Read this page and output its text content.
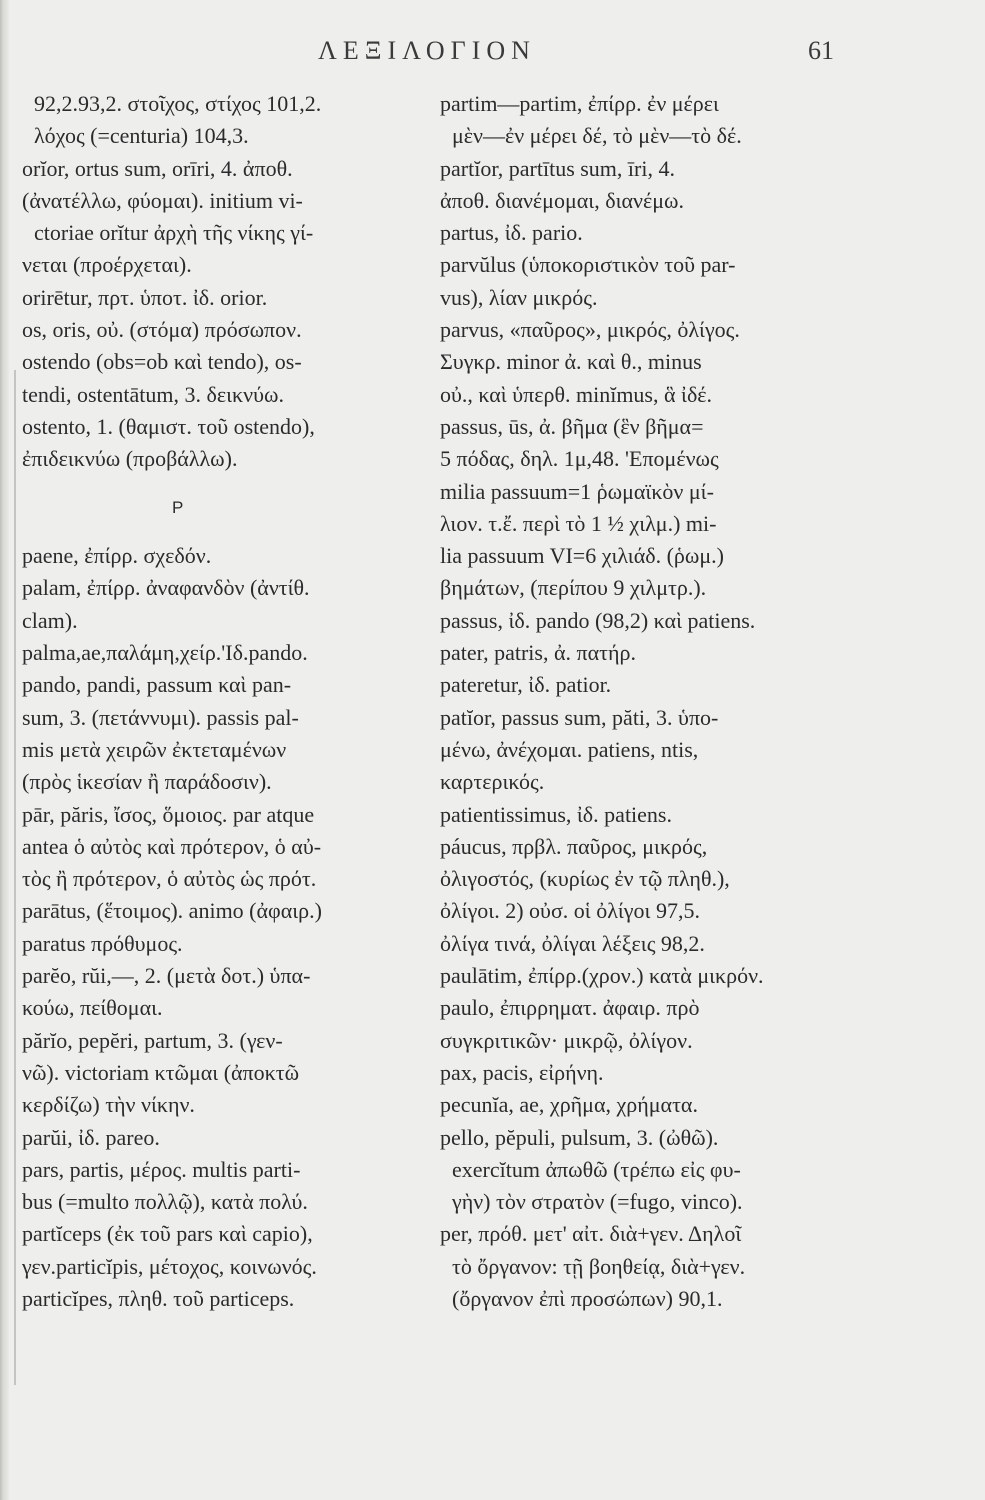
ΛΕΞΙΛΟΓΙΟΝ	61
92,2.93,2. στοῖχος, στίχος 101,2.
λόχος (=centuria) 104,3.
orĭor, ortus sum, orīri, 4. ἀποθ.
(ἀνατέλλω, φύομαι). initium vi-
ctoriae orĭtur ἀρχὴ τῆς νίκης γί-
νεται (προέρχεται).
orirētur, πρτ. ὑποτ. ἰδ. orior.
os, oris, οὐ. (στόμα) πρόσωπον.
ostendo (obs=ob καὶ tendo), os-
tendi, ostentātum, 3. δεικνύω.
ostento, 1. (θαμιστ. τοῦ ostendo),
ἐπιδεικνύω (προβάλλω).
P
paene, ἐπίρρ. σχεδόν.
palam, ἐπίρρ. ἀναφανδὸν (ἀντίθ.
clam).
palma,ae,παλάμη,χείρ.'Ιδ.pando.
pando, pandi, passum καὶ pan-
sum, 3. (πετάννυμι). passis pal-
mis μετὰ χειρῶν ἐκτεταμένων
(πρὸς ἱκεσίαν ἢ παράδοσιν).
pār, păris, ἴσος, ὅμοιος. par atque
antea ὁ αὐτὸς καὶ πρότερον, ὁ αὐ-
τὸς ἢ πρότερον, ὁ αὐτὸς ὡς πρότ.
parātus, (ἕτοιμος). animo (ἀφαιρ.)
paratus πρόθυμος.
parĕo, rŭi,—, 2. (μετὰ δοτ.) ὑπα-
κούω, πείθομαι.
părĭo, pepĕri, partum, 3. (γεν-
νῶ). victoriam κτῶμαι (ἀποκτῶ
κερδίζω) τὴν νίκην.
parŭi, ἰδ. pareo.
pars, partis, μέρος. multis parti-
bus (=multo πολλῷ), κατὰ πολύ.
partĭceps (ἐκ τοῦ pars καὶ capio),
γεν.particĭpis, μέτοχος, κοινωνός.
particĭpes, πληθ. τοῦ particeps.
partim—partim, ἐπίρρ. ἐν μέρει
μὲν—ἐν μέρει δέ, τὸ μὲν—τὸ δέ.
partĭor, partītus sum, īri, 4.
ἀποθ. διανέμομαι, διανέμω.
partus, ἰδ. pario.
parvŭlus (ὑποκοριστικὸν τοῦ par-
vus), λίαν μικρός.
parvus, «παῦρος», μικρός, ὀλίγος.
Συγκρ. minor ἀ. καὶ θ., minus
οὐ., καὶ ὑπερθ. minĭmus, ἃ ἰδέ.
passus, ūs, ἀ. βῆμα (ἓν βῆμα=
5 πόδας, δηλ. 1μ,48. 'Επομένως
milia passuum=1 ῥωμαϊκὸν μί-
λιον. τ.ἔ. περὶ τὸ 1 ½ χιλμ.) mi-
lia passuum VI=6 χιλιάδ. (ῥωμ.)
βημάτων, (περίπου 9 χιλμτρ.).
passus, ἰδ. pando (98,2) καὶ patiens.
pater, patris, ἀ. πατήρ.
pateretur, ἰδ. patior.
patĭor, passus sum, păti, 3. ὑπο-
μένω, ἀνέχομαι. patiens, ntis,
καρτερικός.
patientissimus, ἰδ. patiens.
páucus, πρβλ. παῦρος, μικρός,
ὀλιγοστός, (κυρίως ἐν τῷ πληθ.),
ὀλίγοι. 2) οὐσ. οἱ ὀλίγοι 97,5.
ὀλίγα τινά, ὀλίγαι λέξεις 98,2.
paulātim, ἐπίρρ.(χρον.) κατὰ μικρόν.
paulo, ἐπιρρηματ. ἀφαιρ. πρὸ
συγκριτικῶν· μικρῷ, ὀλίγον.
pax, pacis, εἰρήνη.
pecunĭa, ae, χρῆμα, χρήματα.
pello, pĕpuli, pulsum, 3. (ὠθῶ).
exercĭtum ἀπωθῶ (τρέπω εἰς φυ-
γὴν) τὸν στρατὸν (=fugo, vinco).
per, πρόθ. μετ' αἰτ. διὰ+γεν. Δηλοῖ
τὸ ὄργανον: τῇ βοηθείᾳ, διὰ+γεν.
(ὄργανον ἐπὶ προσώπων) 90,1.
